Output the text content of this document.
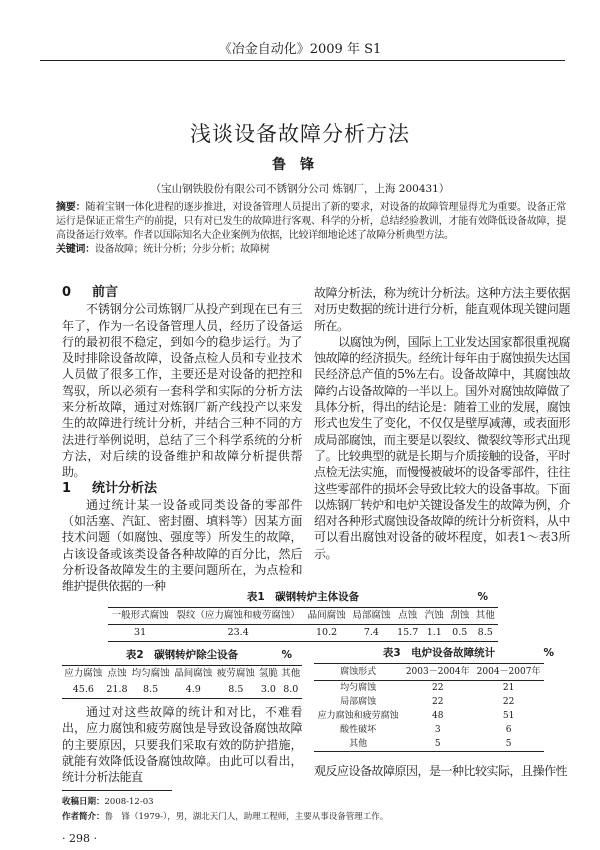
《冶金自动化》2009 年 S1
浅谈设备故障分析方法
鲁锋
（宝山钢铁股份有限公司不锈钢分公司 炼钢厂，上海 200431）
摘要：随着宝钢一体化进程的逐步推进，对设备管理人员提出了新的要求，对设备的故障管理显得尤为重要。设备正常运行是保证正常生产的前提，只有对已发生的故障进行客观、科学的分析，总结经验教训，才能有效降低设备故障，提高设备运行效率。作者以国际知名大企业案例为依据，比较详细地论述了故障分析典型方法。
关键词：设备故障；统计分析；分步分析；故障树
0 前言

不锈钢分公司炼钢厂从投产到现在已有三年了，作为一名设备管理人员，经历了设备运行的最初很不稳定，到如今的稳步运行。为了及时排除设备故障，设备点检人员和专业技术人员做了很多工作，主要还是对设备的把控和驾驭，所以必须有一套科学和实际的分析方法来分析故障，通过对炼钢厂新产线投产以来发生的故障进行统计分析，并结合三种不同的方法进行举例说明，总结了三个科学系统的分析方法，对后续的设备维护和故障分析提供帮助。

1 统计分析法

通过统计某一设备或同类设备的零部件（如活塞、汽缸、密封圈、填料等）因某方面技术问题（如腐蚀、强度等）所发生的故障，占该设备或该类设备各种故障的百分比，然后分析设备故障发生的主要问题所在，为点检和维护提供依据的一种

故障分析法，称为统计分析法。这种方法主要依据对历史数据的统计进行分析，能直观体现关键问题所在。

以腐蚀为例，国际上工业发达国家都很重视腐蚀故障的经济损失。经统计每年由于腐蚀损失达国民经济总产值的5%左右。设备故障中，其腐蚀故障约占设备故障的一半以上。国外对腐蚀故障做了具体分析，得出的结论是：随着工业的发展，腐蚀形式也发生了变化，不仅仅是壁厚减薄，或表面形成局部腐蚀，而主要是以裂纹、微裂纹等形式出现了。比较典型的就是长期与介质接触的设备，平时点检无法实施，而慢慢被破坏的设备零部件，往往这些零部件的损坏会导致比较大的设备事故。下面以炼钢厂转炉和电炉关键设备发生的故障为例，介绍对各种形式腐蚀设备故障的统计分析资料，从中可以看出腐蚀对设备的破坏程度，如表1～表3所示。

表1　碳钢转炉主体设备	%
一般形式腐蚀	裂纹（应力腐蚀和疲劳腐蚀）	晶间腐蚀	局部腐蚀	点蚀	汽蚀	刮蚀	其他
31	23.4	10.2	7.4	15.7	1.1	0.5	8.5
表2　碳钢转炉除尘设备	%
应力腐蚀	点蚀	均匀腐蚀	晶间腐蚀	疲劳腐蚀	氢脆	其他
45.6	21.8	8.5	4.9	8.5	3.0	8.0
表3　电炉设备故障统计	%
腐蚀形式	2003－2004年	2004－2007年
均匀腐蚀	22	21
局部腐蚀	22	22
应力腐蚀和疲劳腐蚀	48	51
酸性破坏	3	6
其他	5	5

通过对这些故障的统计和对比，不难看出，应力腐蚀和疲劳腐蚀是导致设备腐蚀故障的主要原因，只要我们采取有效的防护措施，就能有效降低设备腐蚀故障。由此可以看出，统计分析法能直	观反应设备故障原因，是一种比较实际，且操作性

收稿日期：2008-12-03
作者简介：鲁　锋（1979-），男，湖北天门人，助理工程师，主要从事设备管理工作。
· 298 ·
